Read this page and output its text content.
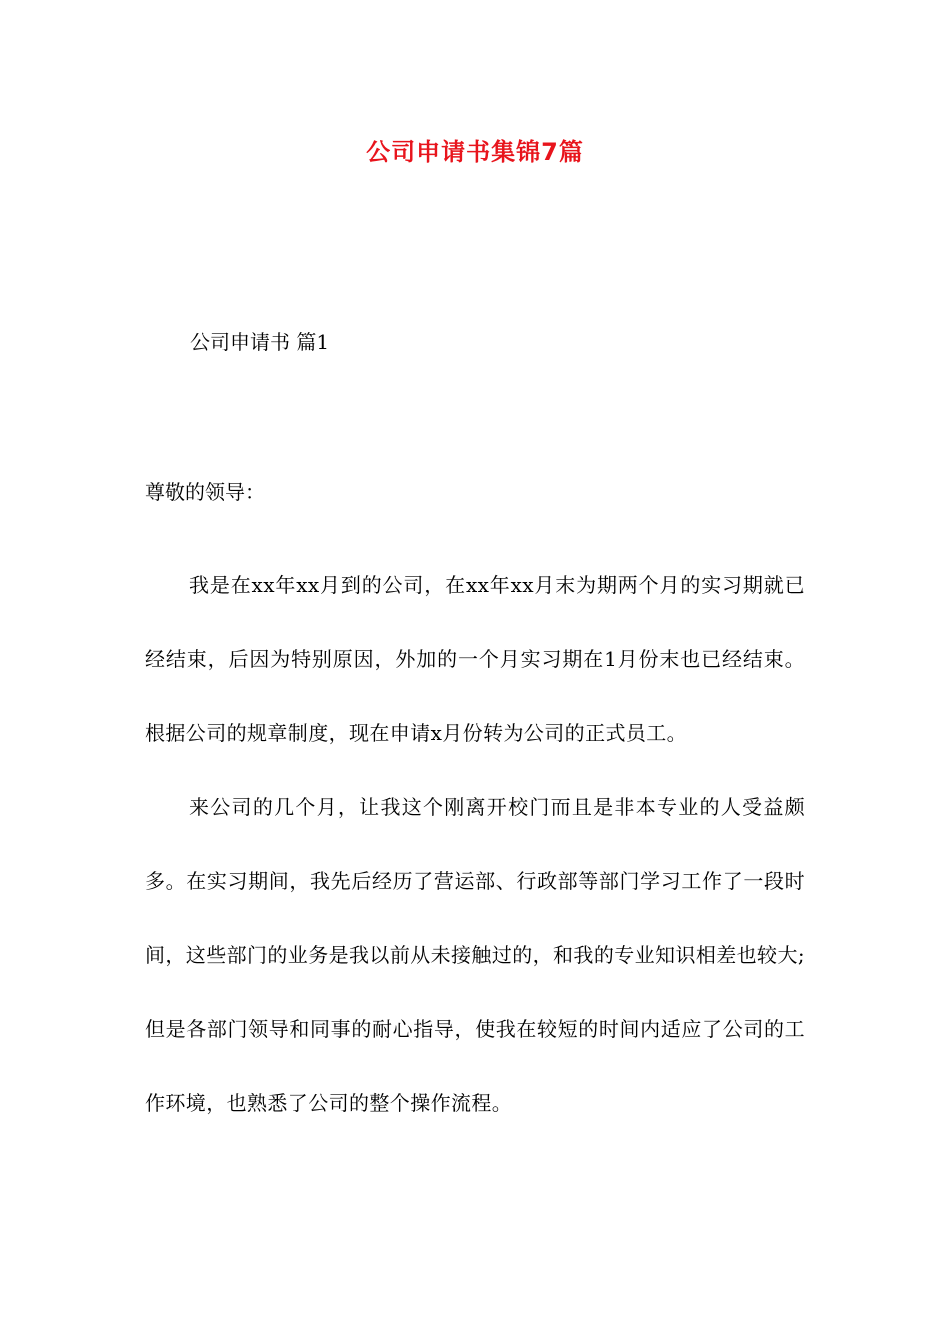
公司申请书集锦7篇
公司申请书 篇1
尊敬的领导：

我是在xx年xx月到的公司，在xx年xx月末为期两个月的实习期就已经结束，后因为特别原因，外加的一个月实习期在1月份末也已经结束。根据公司的规章制度，现在申请x月份转为公司的正式员工。

来公司的几个月，让我这个刚离开校门而且是非本专业的人受益颇多。在实习期间，我先后经历了营运部、行政部等部门学习工作了一段时间，这些部门的业务是我以前从未接触过的，和我的专业知识相差也较大;但是各部门领导和同事的耐心指导，使我在较短的时间内适应了公司的工作环境，也熟悉了公司的整个操作流程。
